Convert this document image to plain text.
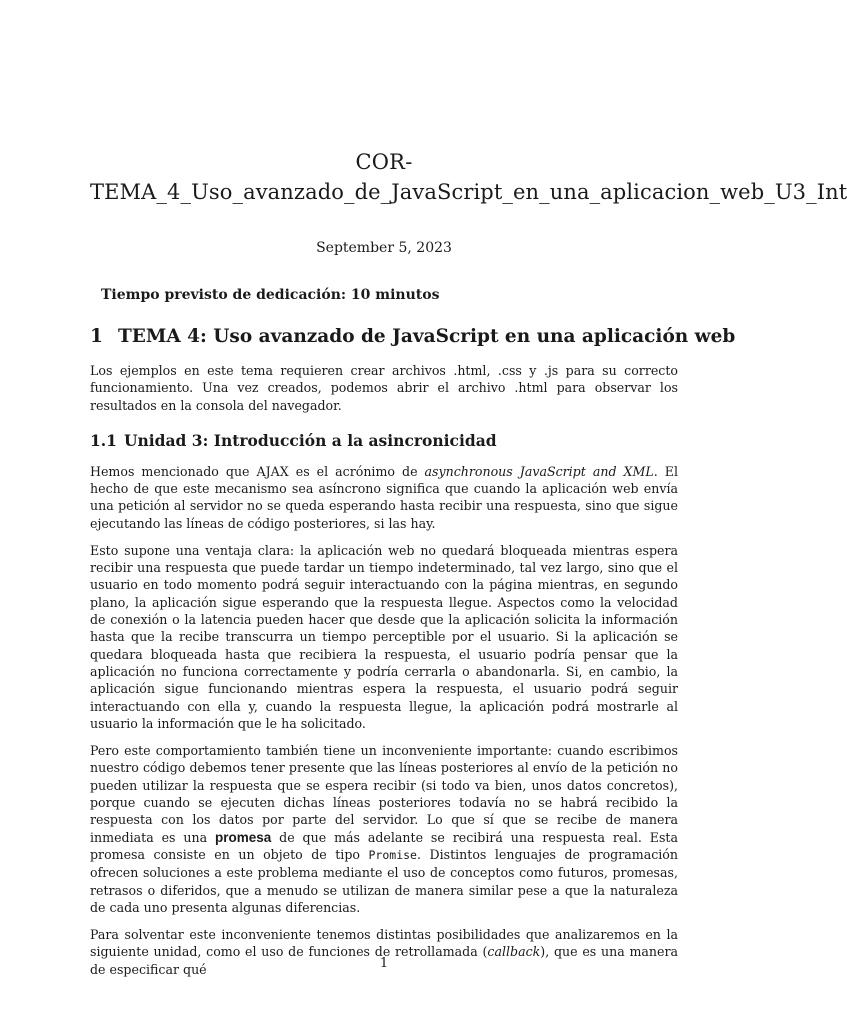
COR-
TEMA_4_Uso_avanzado_de_JavaScript_en_una_aplicacion_web_U3_Int
September 5, 2023
Tiempo previsto de dedicación: 10 minutos
1 TEMA 4: Uso avanzado de JavaScript en una aplicación web

Los ejemplos en este tema requieren crear archivos .html, .css y .js para su correcto funcionamiento. Una vez creados, podemos abrir el archivo .html para observar los resultados en la consola del navegador.

1.1 Unidad 3: Introducción a la asincronicidad

Hemos mencionado que AJAX es el acrónimo de asynchronous JavaScript and XML. El hecho de que este mecanismo sea asíncrono significa que cuando la aplicación web envía una petición al servidor no se queda esperando hasta recibir una respuesta, sino que sigue ejecutando las líneas de código posteriores, si las hay.

Esto supone una ventaja clara: la aplicación web no quedará bloqueada mientras espera recibir una respuesta que puede tardar un tiempo indeterminado, tal vez largo, sino que el usuario en todo momento podrá seguir interactuando con la página mientras, en segundo plano, la aplicación sigue esperando que la respuesta llegue. Aspectos como la velocidad de conexión o la latencia pueden hacer que desde que la aplicación solicita la información hasta que la recibe transcurra un tiempo perceptible por el usuario. Si la aplicación se quedara bloqueada hasta que recibiera la respuesta, el usuario podría pensar que la aplicación no funciona correctamente y podría cerrarla o abandonarla. Si, en cambio, la aplicación sigue funcionando mientras espera la respuesta, el usuario podrá seguir interactuando con ella y, cuando la respuesta llegue, la aplicación podrá mostrarle al usuario la información que le ha solicitado.

Pero este comportamiento también tiene un inconveniente importante: cuando escribimos nuestro código debemos tener presente que las líneas posteriores al envío de la petición no pueden utilizar la respuesta que se espera recibir (si todo va bien, unos datos concretos), porque cuando se ejecuten dichas líneas posteriores todavía no se habrá recibido la respuesta con los datos por parte del servidor. Lo que sí que se recibe de manera inmediata es una promesa de que más adelante se recibirá una respuesta real. Esta promesa consiste en un objeto de tipo Promise. Distintos lenguajes de programación ofrecen soluciones a este problema mediante el uso de conceptos como futuros, promesas, retrasos o diferidos, que a menudo se utilizan de manera similar pese a que la naturaleza de cada uno presenta algunas diferencias.

Para solventar este inconveniente tenemos distintas posibilidades que analizaremos en la siguiente unidad, como el uso de funciones de retrollamada (callback), que es una manera de especificar qué	1
